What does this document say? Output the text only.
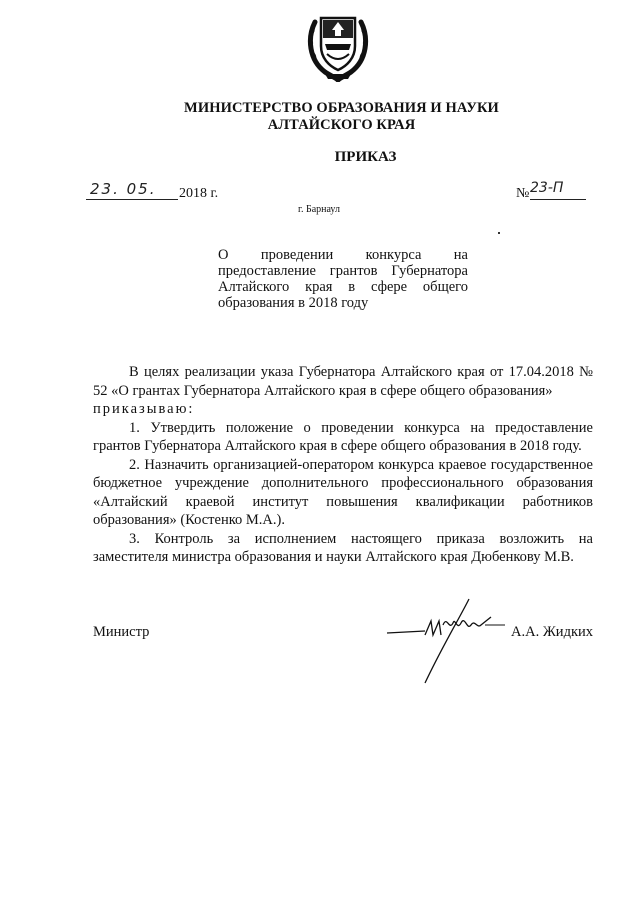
МИНИСТЕРСТВО ОБРАЗОВАНИЯ И НАУКИ
АЛТАЙСКОГО КРАЯ
ПРИКАЗ
23. 05. 2018 г.	№ 23-П
г. Барнаул
О проведении конкурса на предоставление грантов Губернатора Алтайского края в сфере общего образования в 2018 году

В целях реализации указа Губернатора Алтайского края от 17.04.2018 № 52 «О грантах Губернатора Алтайского края в сфере общего образования»

приказываю:

1. Утвердить положение о проведении конкурса на предоставление грантов Губернатора Алтайского края в сфере общего образования в 2018 году.

2. Назначить организацией-оператором конкурса краевое государственное бюджетное учреждение дополнительного профессионального образования «Алтайский краевой институт повышения квалификации работников образования» (Костенко М.А.).

3. Контроль за исполнением настоящего приказа возложить на заместителя министра образования и науки Алтайского края Дюбенкову М.В.

Министр	А.А. Жидких
